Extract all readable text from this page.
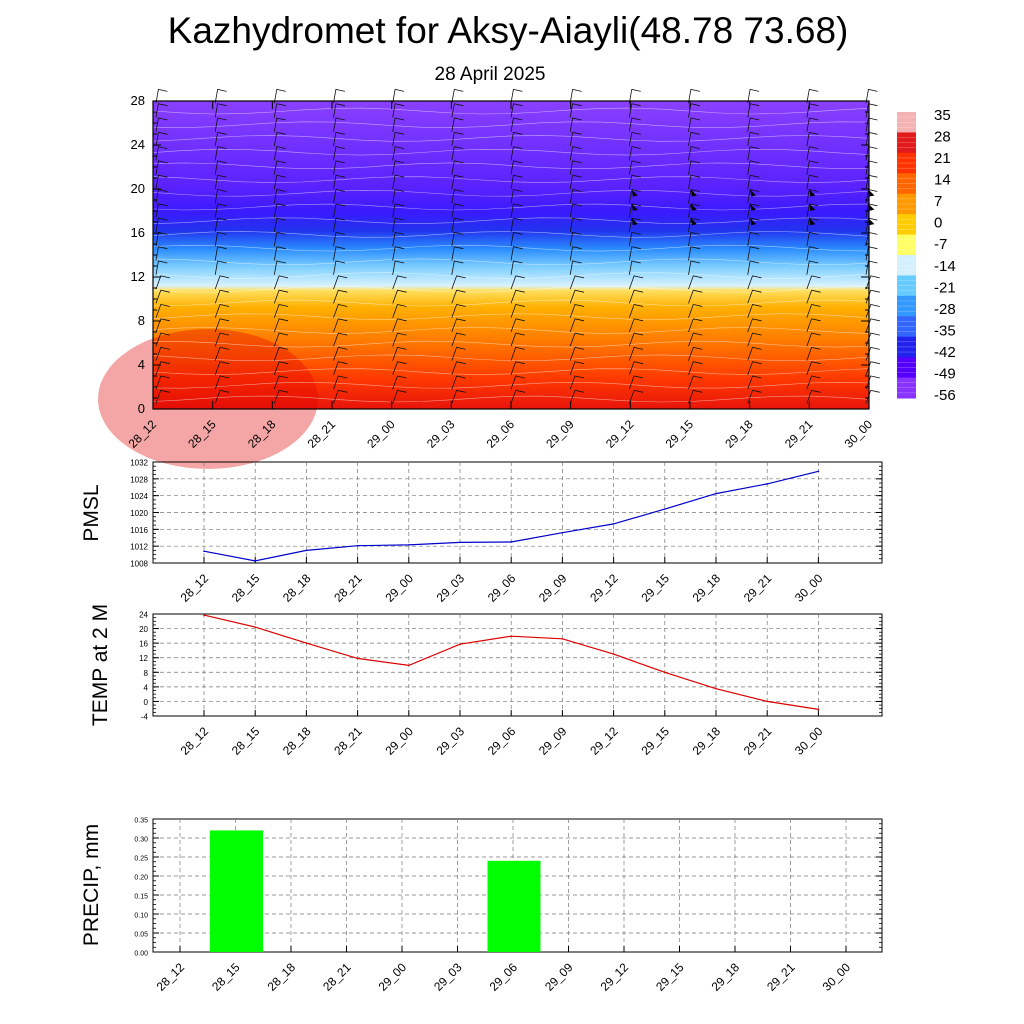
Kazhydromet for Aksy-Aiayli(48.78 73.68)
28 April 2025
0
4
8
12
16
20
24
28
28_12 28_15 28_18 28_21 29_00 29_03 29_06 29_09 29_12 29_15 29_18 29_21 30_00
35
28
21
14
7
0
-7
-14
-21
-28
-35
-42
-49
-56
1008
1012
1016
1020
1024
1028
1032
28_12 28_15 28_18 28_21 29_00 29_03 29_06 29_09 29_12 29_15 29_18 29_21 30_00
PMSL
-4
0
4
8
12
16
20
24
28_12 28_15 28_18 28_21 29_00 29_03 29_06 29_09 29_12 29_15 29_18 29_21 30_00
TEMP at 2 M
0.00
0.05
0.10
0.15
0.20
0.25
0.30
0.35
28_12 28_15 28_18 28_21 29_00 29_03 29_06 29_09 29_12 29_15 29_18 29_21 30_00
PRECIP, mm
